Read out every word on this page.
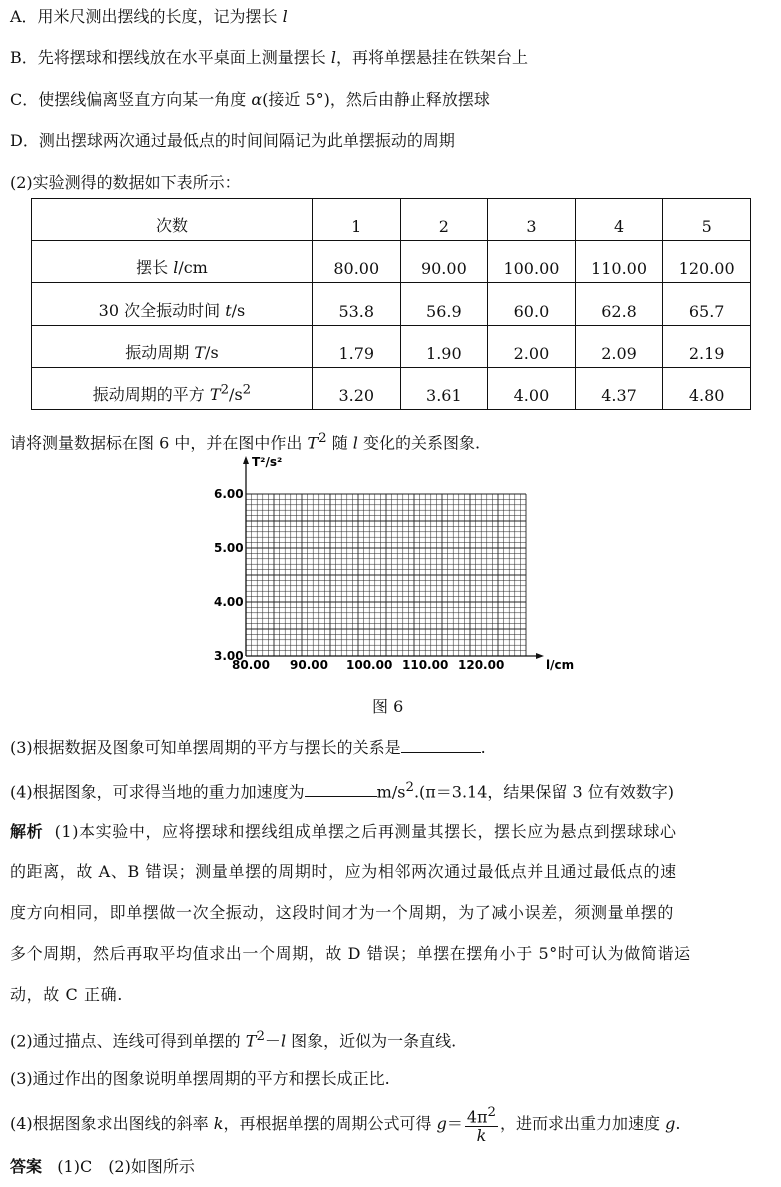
A．用米尺测出摆线的长度，记为摆长 l
B．先将摆球和摆线放在水平桌面上测量摆长 l，再将单摆悬挂在铁架台上
C．使摆线偏离竖直方向某一角度 α(接近 5°)，然后由静止释放摆球
D．测出摆球两次通过最低点的时间间隔记为此单摆振动的周期
(2)实验测得的数据如下表所示：
次数	1	2	3	4	5
摆长 l/cm	80.00	90.00	100.00	110.00	120.00
30 次全振动时间 t/s	53.8	56.9	60.0	62.8	65.7
振动周期 T/s	1.79	1.90	2.00	2.09	2.19
振动周期的平方 $T^2/s^2$	3.20	3.61	4.00	4.37	4.80
请将测量数据标在图 6 中，并在图中作出 $T^2$ 随 l 变化的关系图象.
T²/s²
l/cm
80.00 90.00 100.00 110.00 120.00
3.00
4.00
5.00
6.00
图 6
(3)根据数据及图象可知单摆周期的平方与摆长的关系是	.
(4)根据图象，可求得当地的重力加速度为	$m/s^2.(\pi=3.14$，结果保留 3 位有效数字)
解析 (1)本实验中，应将摆球和摆线组成单摆之后再测量其摆长，摆长应为悬点到摆球球心
的距离，故 A、B 错误；测量单摆的周期时，应为相邻两次通过最低点并且通过最低点的速
度方向相同，即单摆做一次全振动，这段时间才为一个周期，为了减小误差，须测量单摆的
多个周期，然后再取平均值求出一个周期，故 D 错误；单摆在摆角小于 5°时可认为做简谐运
动，故 C 正确.
(2)通过描点、连线可得到单摆的 $T^2-l$ 图象，近似为一条直线.
(3)通过作出的图象说明单摆周期的平方和摆长成正比.
(4)根据图象求出图线的斜率 k，再根据单摆的周期公式可得 $g= \frac{4\pi^2}{k}$ ，进而求出重力加速度 g.
答案 (1)C　(2)如图所示
